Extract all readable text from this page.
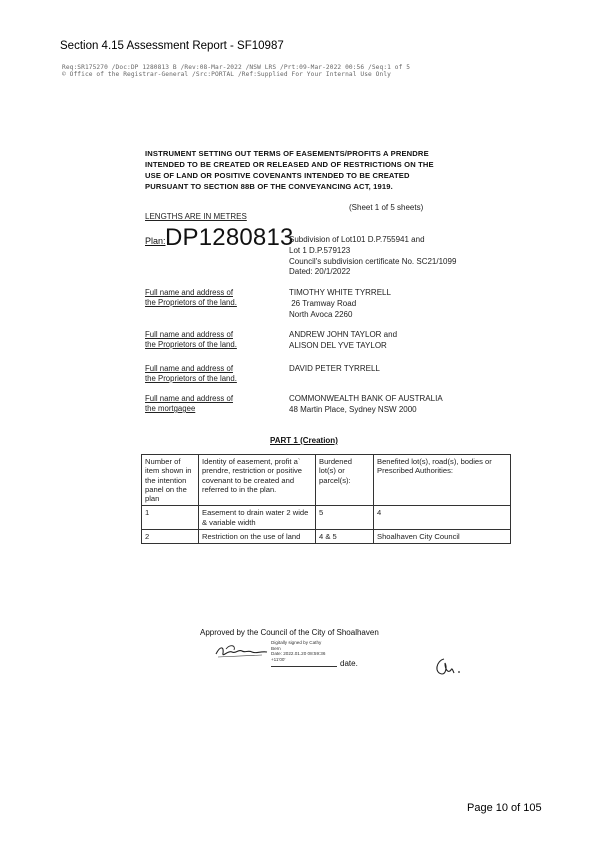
Section 4.15 Assessment Report - SF10987
Req:SR175270 /Doc:DP 1280813 B /Rev:08-Mar-2022 /NSW LRS /Prt:09-Mar-2022 00:56 /Seq:1 of 5
© Office of the Registrar-General /Src:PORTAL /Ref:Supplied For Your Internal Use Only
INSTRUMENT SETTING OUT TERMS OF EASEMENTS/PROFITS A PRENDRE
INTENDED TO BE CREATED OR RELEASED AND OF RESTRICTIONS ON THE
USE OF LAND OR POSITIVE COVENANTS INTENDED TO BE CREATED
PURSUANT TO SECTION 88B OF THE CONVEYANCING ACT, 1919.
(Sheet 1 of 5 sheets)
LENGTHS ARE IN METRES
Plan: DP1280813
Subdivision of Lot101 D.P.755941 and
Lot 1 D.P.579123
Council's subdivision certificate No. SC21/1099
Dated: 20/1/2022
Full name and address of
the Proprietors of the land.
TIMOTHY WHITE TYRRELL
26 Tramway Road
North Avoca 2260
Full name and address of
the Proprietors of the land.
ANDREW JOHN TAYLOR and
ALISON DEL YVE TAYLOR
Full name and address of
the Proprietors of the land.
DAVID PETER TYRRELL
Full name and address of
the mortgagee
COMMONWEALTH BANK OF AUSTRALIA
48 Martin Place, Sydney NSW 2000
PART 1 (Creation)
Number of item shown in the intention panel on the plan	Identity of easement, profit a` prendre, restriction or positive covenant to be created and referred to in the plan.	Burdened lot(s) or parcel(s):	Benefited lot(s), road(s), bodies or Prescribed Authorities:
1	Easement to drain water 2 wide & variable width	5	4
2	Restriction on the use of land	4 & 5	Shoalhaven City Council
Approved by the Council of the City of Shoalhaven
Digitally signed by Cathy
Bern
Date: 2022.01.20 08:59:36
+11'00'	date.
Page 10 of 105
